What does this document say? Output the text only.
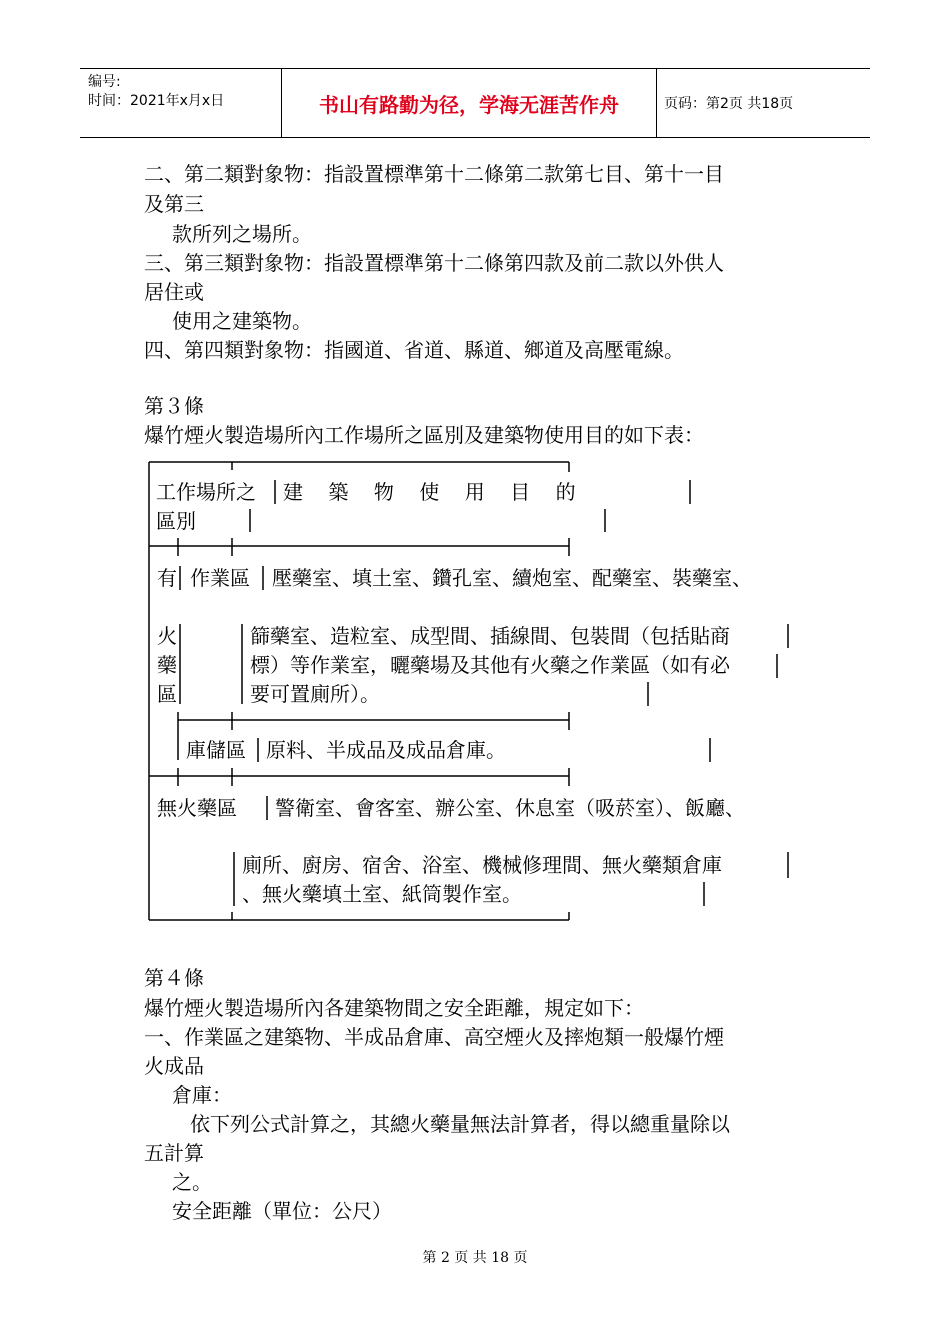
编号:
时间：2021年x月x日	书山有路勤为径，学海无涯苦作舟	页码：第2页 共18页
二、第二類對象物：指設置標準第十二條第二款第七目、第十一目
及第三
款所列之場所。
三、第三類對象物：指設置標準第十二條第四款及前二款以外供人
居住或
使用之建築物。
四、第四類對象物：指國道、省道、縣道、鄉道及高壓電線。
第３條
爆竹煙火製造場所內工作場所之區別及建築物使用目的如下表：
工作場所之
區別
建    築    物    使    用    目    的
有
火
藥
區
作業區 壓藥室、填土室、鑽孔室、續炮室、配藥室、裝藥室、
篩藥室、造粒室、成型間、插線間、包裝間（包括貼商
標）等作業室，曬藥場及其他有火藥之作業區（如有必
要可置廁所）。
庫儲區 原料、半成品及成品倉庫。
無火藥區 警衛室、會客室、辦公室、休息室（吸菸室）、飯廳、
廁所、廚房、宿舍、浴室、機械修理間、無火藥類倉庫
、無火藥填土室、紙筒製作室。
第４條
爆竹煙火製造場所內各建築物間之安全距離，規定如下：
一、作業區之建築物、半成品倉庫、高空煙火及摔炮類一般爆竹煙
火成品
倉庫：
依下列公式計算之，其總火藥量無法計算者，得以總重量除以
五計算
之。
安全距離（單位：公尺）
第 2 页 共 18 页
